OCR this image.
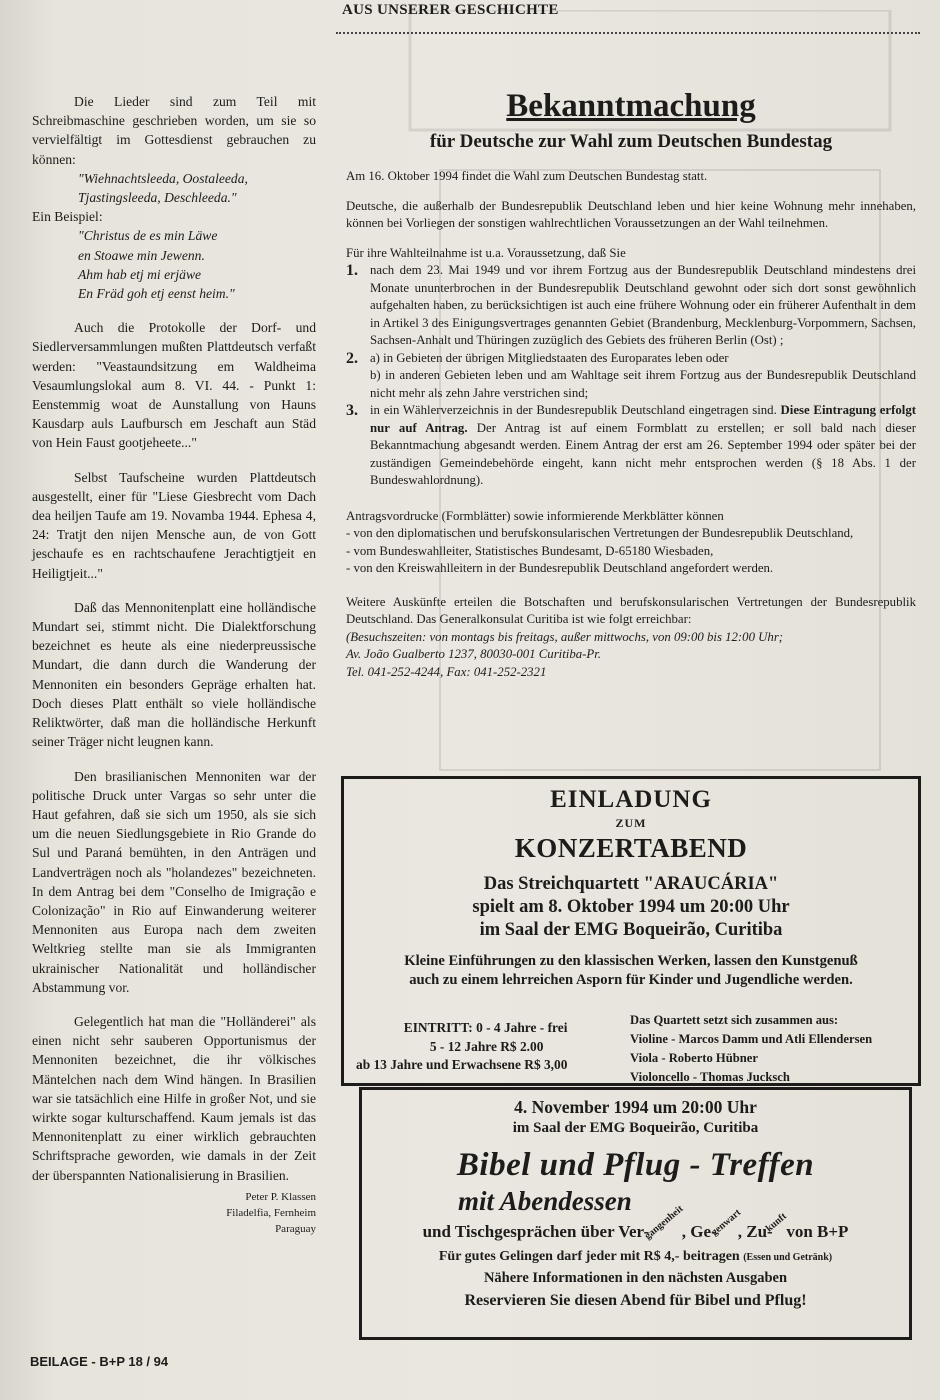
AUS UNSERER GESCHICHTE

Die Lieder sind zum Teil mit Schreibmaschine geschrieben worden, um sie so vervielfältigt im Gottesdienst gebrauchen zu können:

"Wiehnachtsleeda, Oostaleeda,
Tjastingsleeda, Deschleeda."

Ein Beispiel:

"Christus de es min Läwe
en Stoawe min Jewenn.
Ahm hab etj mi erjäwe
En Fräd goh etj eenst heim."

Auch die Protokolle der Dorf- und Siedlerversammlungen mußten Plattdeutsch verfaßt werden: "Veastaundsitzung em Waldheima Vesaumlungslokal aum 8. VI. 44. - Punkt 1: Eenstemmig woat de Aunstallung von Hauns Kausdarp auls Laufbursch em Jeschaft aun Städ von Hein Faust gootjeheete..."

Selbst Taufscheine wurden Plattdeutsch ausgestellt, einer für "Liese Giesbrecht vom Dach dea heiljen Taufe am 19. Novamba 1944. Ephesa 4, 24: Tratjt den nijen Mensche aun, de von Gott jeschaufe es en rachtschaufene Jerachtigtjeit en Heiligtjeit..."

Daß das Mennonitenplatt eine holländische Mundart sei, stimmt nicht. Die Dialektforschung bezeichnet es heute als eine niederpreussische Mundart, die dann durch die Wanderung der Mennoniten ein besonders Gepräge erhalten hat. Doch dieses Platt enthält so viele holländische Reliktwörter, daß man die holländische Herkunft seiner Träger nicht leugnen kann.

Den brasilianischen Mennoniten war der politische Druck unter Vargas so sehr unter die Haut gefahren, daß sie sich um 1950, als sie sich um die neuen Siedlungsgebiete in Rio Grande do Sul und Paraná bemühten, in den Anträgen und Landverträgen noch als "holandezes" bezeichneten. In dem Antrag bei dem "Conselho de Imigração e Colonização" in Rio auf Einwanderung weiterer Mennoniten aus Europa nach dem zweiten Weltkrieg stellte man sie als Immigranten ukrainischer Nationalität und holländischer Abstammung vor.

Gelegentlich hat man die "Holländerei" als einen nicht sehr sauberen Opportunismus der Mennoniten bezeichnet, die ihr völkisches Mäntelchen nach dem Wind hängen. In Brasilien war sie tatsächlich eine Hilfe in großer Not, und sie wirkte sogar kulturschaffend. Kaum jemals ist das Mennonitenplatt zu einer wirklich gebrauchten Schriftsprache geworden, wie damals in der Zeit der überspannten Nationalisierung in Brasilien.

Peter P. Klassen
Filadelfia, Fernheim
Paraguay
BEILAGE - B+P 18 / 94
Bekanntmachung
für Deutsche zur Wahl zum Deutschen Bundestag

Am 16. Oktober 1994 findet die Wahl zum Deutschen Bundestag statt.

Deutsche, die außerhalb der Bundesrepublik Deutschland leben und hier keine Wohnung mehr innehaben, können bei Vorliegen der sonstigen wahlrechtlichen Voraussetzungen an der Wahl teilnehmen.

Für ihre Wahlteilnahme ist u.a. Voraussetzung, daß Sie

1. nach dem 23. Mai 1949 und vor ihrem Fortzug aus der Bundesrepublik Deutschland mindestens drei Monate ununterbrochen in der Bundesrepublik Deutschland gewohnt oder sich dort sonst gewöhnlich aufgehalten haben, zu berücksichtigen ist auch eine frühere Wohnung oder ein früherer Aufenthalt in dem in Artikel 3 des Einigungsvertrages genannten Gebiet (Brandenburg, Mecklenburg-Vorpommern, Sachsen, Sachsen-Anhalt und Thüringen zuzüglich des Gebiets des früheren Berlin (Ost) ;
2. a) in Gebieten der übrigen Mitgliedstaaten des Europarates leben oder
b) in anderen Gebieten leben und am Wahltage seit ihrem Fortzug aus der Bundesrepublik Deutschland nicht mehr als zehn Jahre verstrichen sind;
3. in ein Wählerverzeichnis in der Bundesrepublik Deutschland eingetragen sind. Diese Eintragung erfolgt nur auf Antrag. Der Antrag ist auf einem Formblatt zu erstellen; er soll bald nach dieser Bekanntmachung abgesandt werden. Einem Antrag der erst am 26. September 1994 oder später bei der zuständigen Gemeindebehörde eingeht, kann nicht mehr entsprochen werden (§ 18 Abs. 1 der Bundeswahlordnung).
Antragsvordrucke (Formblätter) sowie informierende Merkblätter können
- von den diplomatischen und berufskonsularischen Vertretungen der Bundesrepublik Deutschland,
- vom Bundeswahlleiter, Statistisches Bundesamt, D-65180 Wiesbaden,
- von den Kreiswahlleitern in der Bundesrepublik Deutschland angefordert werden.
Weitere Auskünfte erteilen die Botschaften und berufskonsularischen Vertretungen der Bundesrepublik Deutschland. Das Generalkonsulat Curitiba ist wie folgt erreichbar:
(Besuchszeiten: von montags bis freitags, außer mittwochs, von 09:00 bis 12:00 Uhr;
Av. João Gualberto 1237, 80030-001 Curitiba-Pr.
Tel. 041-252-4244, Fax: 041-252-2321
EINLADUNG
ZUM
KONZERTABEND
Das Streichquartett "ARAUCÁRIA"
spielt am 8. Oktober 1994 um 20:00 Uhr
im Saal der EMG Boqueirão, Curitiba
Kleine Einführungen zu den klassischen Werken, lassen den Kunstgenuß
auch zu einem lehrreichen Asporn für Kinder und Jugendliche werden.
EINTRITT: 0 - 4 Jahre - frei
5 - 12 Jahre R$ 2.00
ab 13 Jahre und Erwachsene R$ 3,00
Das Quartett setzt sich zusammen aus:
Violine - Marcos Damm und Atli Ellendersen
Viola - Roberto Hübner
Violoncello - Thomas Jucksch
4. November 1994 um 20:00 Uhr
im Saal der EMG Boqueirão, Curitiba
Bibel und Pflug - Treffen
mit Abendessen
und Tischgesprächen über Ver-gangenheit, Ge-genwart, Zu-kunft von B+P
Für gutes Gelingen darf jeder mit R$ 4,- beitragen (Essen und Getränk)
Nähere Informationen in den nächsten Ausgaben
Reservieren Sie diesen Abend für Bibel und Pflug!
